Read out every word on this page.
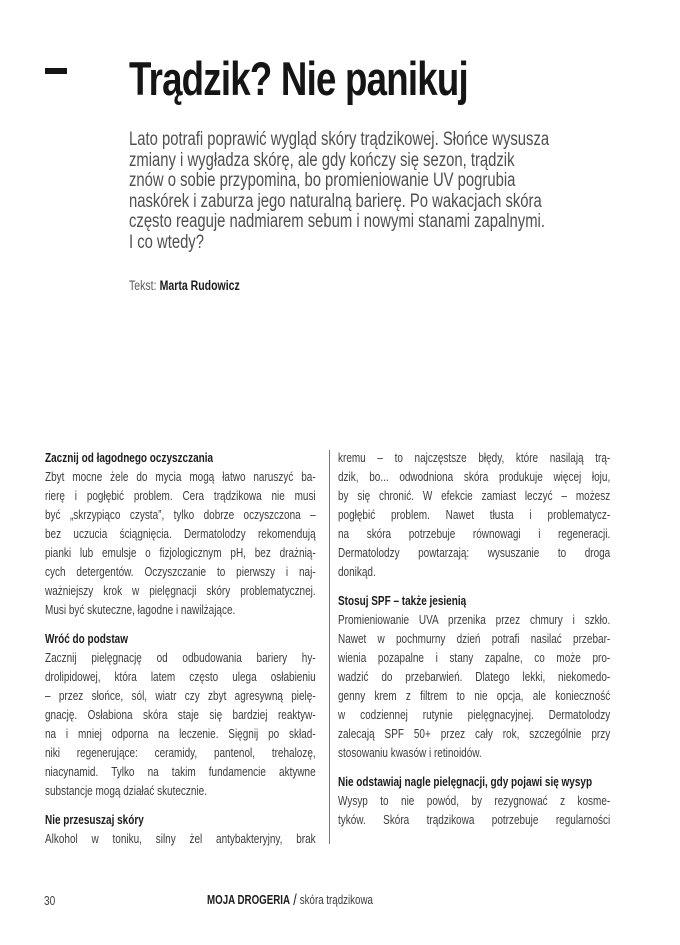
Trądzik? Nie panikuj
Lato potrafi poprawić wygląd skóry trądzikowej. Słońce wysusza
zmiany i wygładza skórę, ale gdy kończy się sezon, trądzik
znów o sobie przypomina, bo promieniowanie UV pogrubia
naskórek i zaburza jego naturalną barierę. Po wakacjach skóra
często reaguje nadmiarem sebum i nowymi stanami zapalnymi.
I co wtedy?
Tekst: Marta Rudowicz
Zacznij od łagodnego oczyszczania
Zbyt mocne żele do mycia mogą łatwo naruszyć ba-
rierę i pogłębić problem. Cera trądzikowa nie musi
być „skrzypiąco czysta”, tylko dobrze oczyszczona –
bez uczucia ściągnięcia. Dermatolodzy rekomendują
pianki lub emulsje o fizjologicznym pH, bez drażnią-
cych detergentów. Oczyszczanie to pierwszy i naj-
ważniejszy krok w pielęgnacji skóry problematycznej.
Musi być skuteczne, łagodne i nawilżające.
Wróć do podstaw
Zacznij pielęgnację od odbudowania bariery hy-
drolipidowej, która latem często ulega osłabieniu
– przez słońce, sól, wiatr czy zbyt agresywną pielę-
gnację. Osłabiona skóra staje się bardziej reaktyw-
na i mniej odporna na leczenie. Sięgnij po skład-
niki regenerujące: ceramidy, pantenol, trehalozę,
niacynamid. Tylko na takim fundamencie aktywne
substancje mogą działać skutecznie.
Nie przesuszaj skóry
Alkohol w toniku, silny żel antybakteryjny, brak
kremu – to najczęstsze błędy, które nasilają trą-
dzik, bo... odwodniona skóra produkuje więcej łoju,
by się chronić. W efekcie zamiast leczyć – możesz
pogłębić problem. Nawet tłusta i problematycz-
na skóra potrzebuje równowagi i regeneracji.
Dermatolodzy powtarzają: wysuszanie to droga
donikąd.
Stosuj SPF – także jesienią
Promieniowanie UVA przenika przez chmury i szkło.
Nawet w pochmurny dzień potrafi nasilać przebar-
wienia pozapalne i stany zapalne, co może pro-
wadzić do przebarwień. Dlatego lekki, niekomedo-
genny krem z filtrem to nie opcja, ale konieczność
w codziennej rutynie pielęgnacyjnej. Dermatolodzy
zalecają SPF 50+ przez cały rok, szczególnie przy
stosowaniu kwasów i retinoidów.
Nie odstawiaj nagle pielęgnacji, gdy pojawi się wysyp
Wysyp to nie powód, by rezygnować z kosme-
tyków. Skóra trądzikowa potrzebuje regularności
30	MOJA DROGERIA / skóra trądzikowa
